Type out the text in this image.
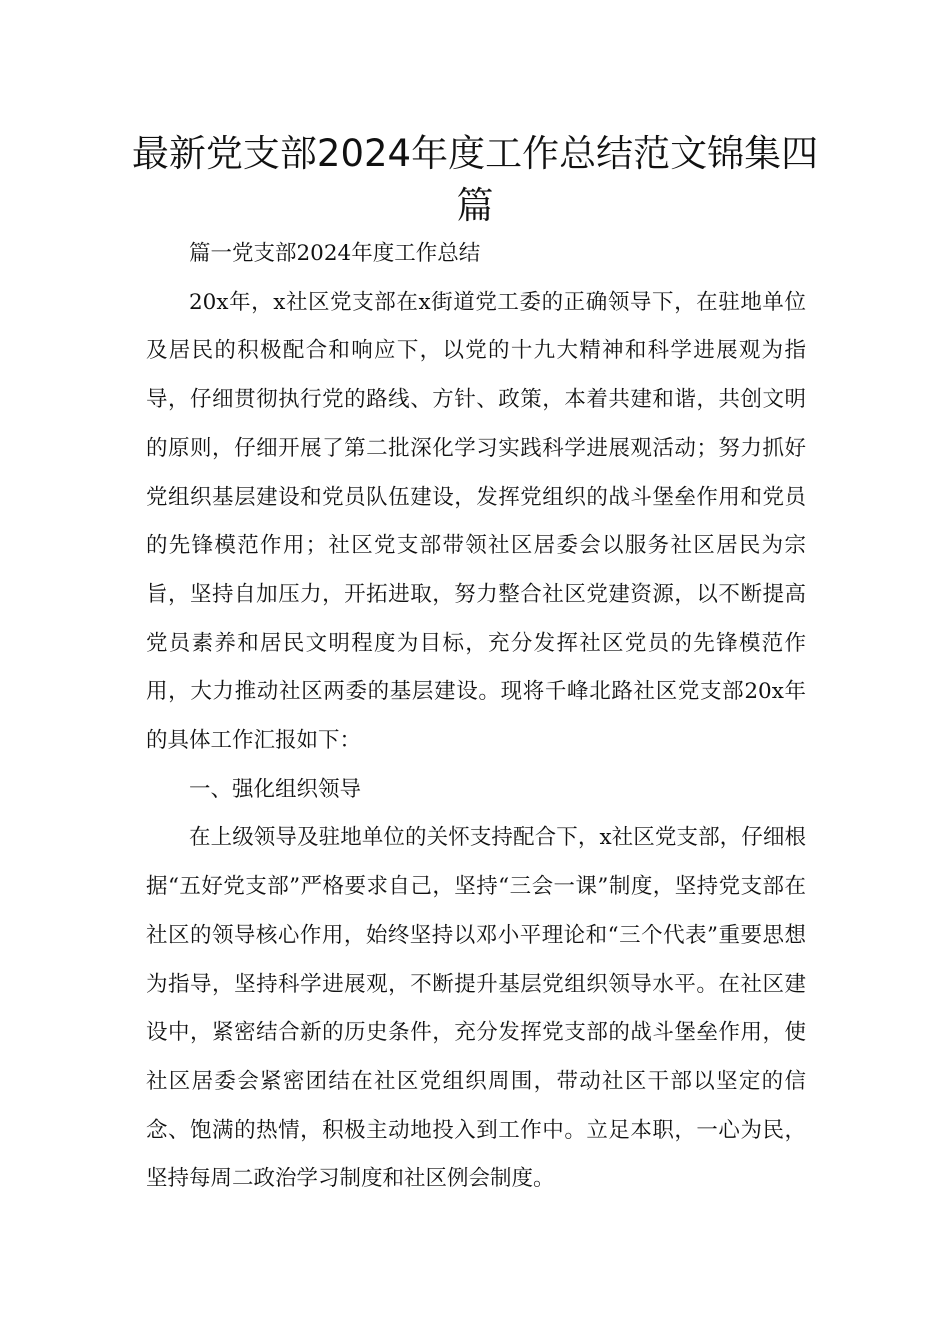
最新党支部2024年度工作总结范文锦集四篇

篇一党支部2024年度工作总结

20x年，x社区党支部在x街道党工委的正确领导下，在驻地单位及居民的积极配合和响应下，以党的十九大精神和科学进展观为指导，仔细贯彻执行党的路线、方针、政策，本着共建和谐，共创文明的原则，仔细开展了第二批深化学习实践科学进展观活动；努力抓好党组织基层建设和党员队伍建设，发挥党组织的战斗堡垒作用和党员的先锋模范作用；社区党支部带领社区居委会以服务社区居民为宗旨，坚持自加压力，开拓进取，努力整合社区党建资源，以不断提高党员素养和居民文明程度为目标，充分发挥社区党员的先锋模范作用，大力推动社区两委的基层建设。现将千峰北路社区党支部20x年的具体工作汇报如下：

一、强化组织领导

在上级领导及驻地单位的关怀支持配合下，x社区党支部，仔细根据“五好党支部”严格要求自己，坚持“三会一课”制度，坚持党支部在社区的领导核心作用，始终坚持以邓小平理论和“三个代表”重要思想为指导，坚持科学进展观，不断提升基层党组织领导水平。在社区建设中，紧密结合新的历史条件，充分发挥党支部的战斗堡垒作用，使社区居委会紧密团结在社区党组织周围，带动社区干部以坚定的信念、饱满的热情，积极主动地投入到工作中。立足本职，一心为民，坚持每周二政治学习制度和社区例会制度。
